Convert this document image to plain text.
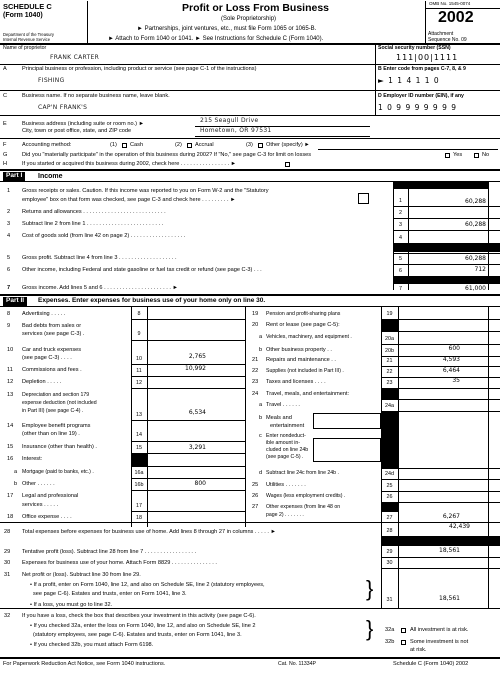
SCHEDULE C
(Form 1040)
Department of the Treasury
Internal Revenue Service
Profit or Loss From Business
(Sole Proprietorship)
► Partnerships, joint ventures, etc., must file Form 1065 or 1065-B.
► Attach to Form 1040 or 1041. ► See Instructions for Schedule C (Form 1040).
OMB No. 1545-0074
2002
Attachment
Sequence No. 09
Name of proprietor
FRANK CARTER
Social security number (SSN)
111|00|1111
A	Principal business or profession, including product or service (see page C-1 of the instructions)
FISHING
B Enter code from pages C-7, 8, & 9
► 1 1 4 1 1 0
C	Business name. If no separate business name, leave blank.
CAP'N FRANK'S
D Employer ID number (EIN), if any
1 0 9 9 9 9 9 9 9
E	Business address (including suite or room no.) ►
City, town or post office, state, and ZIP code
215 Seagull Drive
Hometown, OR 97531
F	Accounting method:	(1) Cash	(2) Accrual	(3) Other (specify) ►
G	Did you "materially participate" in the operation of this business during 2002? If "No," see page C-3 for limit on losses	Yes	No
H	If you started or acquired this business during 2002, check here . . . . . . . . . . . . . . . . ►
Part I	Income
1 Gross receipts or sales. Caution. If this income was reported to you on Form W-2 and the "Statutory
employee" box on that form was checked, see page C-3 and check here . . . . . . . . . ►	1	60,288
2 Returns and allowances . . . . . . . . . . . . . . . . . . . . . . . . . . .	2
3 Subtract line 2 from line 1 . . . . . . . . . . . . . . . . . . . . . . . . .	3	60,288
4 Cost of goods sold (from line 42 on page 2) . . . . . . . . . . . . . . . . . .	4
5 Gross profit. Subtract line 4 from line 3 . . . . . . . . . . . . . . . . . . .	5	60,288
6 Other income, including Federal and state gasoline or fuel tax credit or refund (see page C-3) . . .	6	712
7 Gross income. Add lines 5 and 6 . . . . . . . . . . . . . . . . . . . . . . ►	7	61,000
Part II	Expenses. Enter expenses for business use of your home only on line 30.
8 Advertising . . . . .	8
9 Bad debts from sales or
services (see page C-3) .	9
10 Car and truck expenses
(see page C-3) . . . .	10	2,765
11 Commissions and fees .	11	10,992
12 Depletion . . . . .	12
13 Depreciation and section 179
expense deduction (not included
in Part III) (see page C-4) .
13	6,534
14 Employee benefit programs
(other than on line 19) .	14
15 Insurance (other than health) .	15	3,291
16 Interest:
a Mortgage (paid to banks, etc.) .	16a
b Other . . . . . .	16b	800
17 Legal and professional
services . . . . .	17
18 Office expense . . . .	18
19 Pension and profit-sharing plans	19
20 Rent or lease (see page C-5):
a Vehicles, machinery, and equipment .	20a
b Other business property . .	20b	600
21 Repairs and maintenance . .	21	4,593
22 Supplies (not included in Part III) .	22	6,464
23 Taxes and licenses . . . .	23	35
24 Travel, meals, and entertainment:
a Travel . . . . . .	24a
b Meals and
entertainment
c Enter nondeduct-
ible amount in-
cluded on line 24b
(see page C-5) .
d Subtract line 24c from line 24b .	24d
25 Utilities . . . . . . .	25
26 Wages (less employment credits) .	26
27 Other expenses (from line 48 on
page 2) . . . . . . .	27	6,267
28 Total expenses before expenses for business use of home. Add lines 8 through 27 in columns . . . . . ►	28
42,439
29 Tentative profit (loss). Subtract line 28 from line 7 . . . . . . . . . . . . . . . . .	29	18,561
30 Expenses for business use of your home. Attach Form 8829 . . . . . . . . . . . . . . .	30
31 Net profit or (loss). Subtract line 30 from line 29.
• If a profit, enter on Form 1040, line 12, and also on Schedule SE, line 2 (statutory employees,
see page C-6). Estates and trusts, enter on Form 1041, line 3.
• If a loss, you must go to line 32.
}	31	18,561
32 If you have a loss, check the box that describes your investment in this activity (see page C-6).
• If you checked 32a, enter the loss on Form 1040, line 12, and also on Schedule SE, line 2
(statutory employees, see page C-6). Estates and trusts, enter on Form 1041, line 3.
• If you checked 32b, you must attach Form 6198.
} 32a	All investment is at risk.
32b	Some investment is not
at risk.
For Paperwork Reduction Act Notice, see Form 1040 instructions.	Cat. No. 11334P	Schedule C (Form 1040) 2002
